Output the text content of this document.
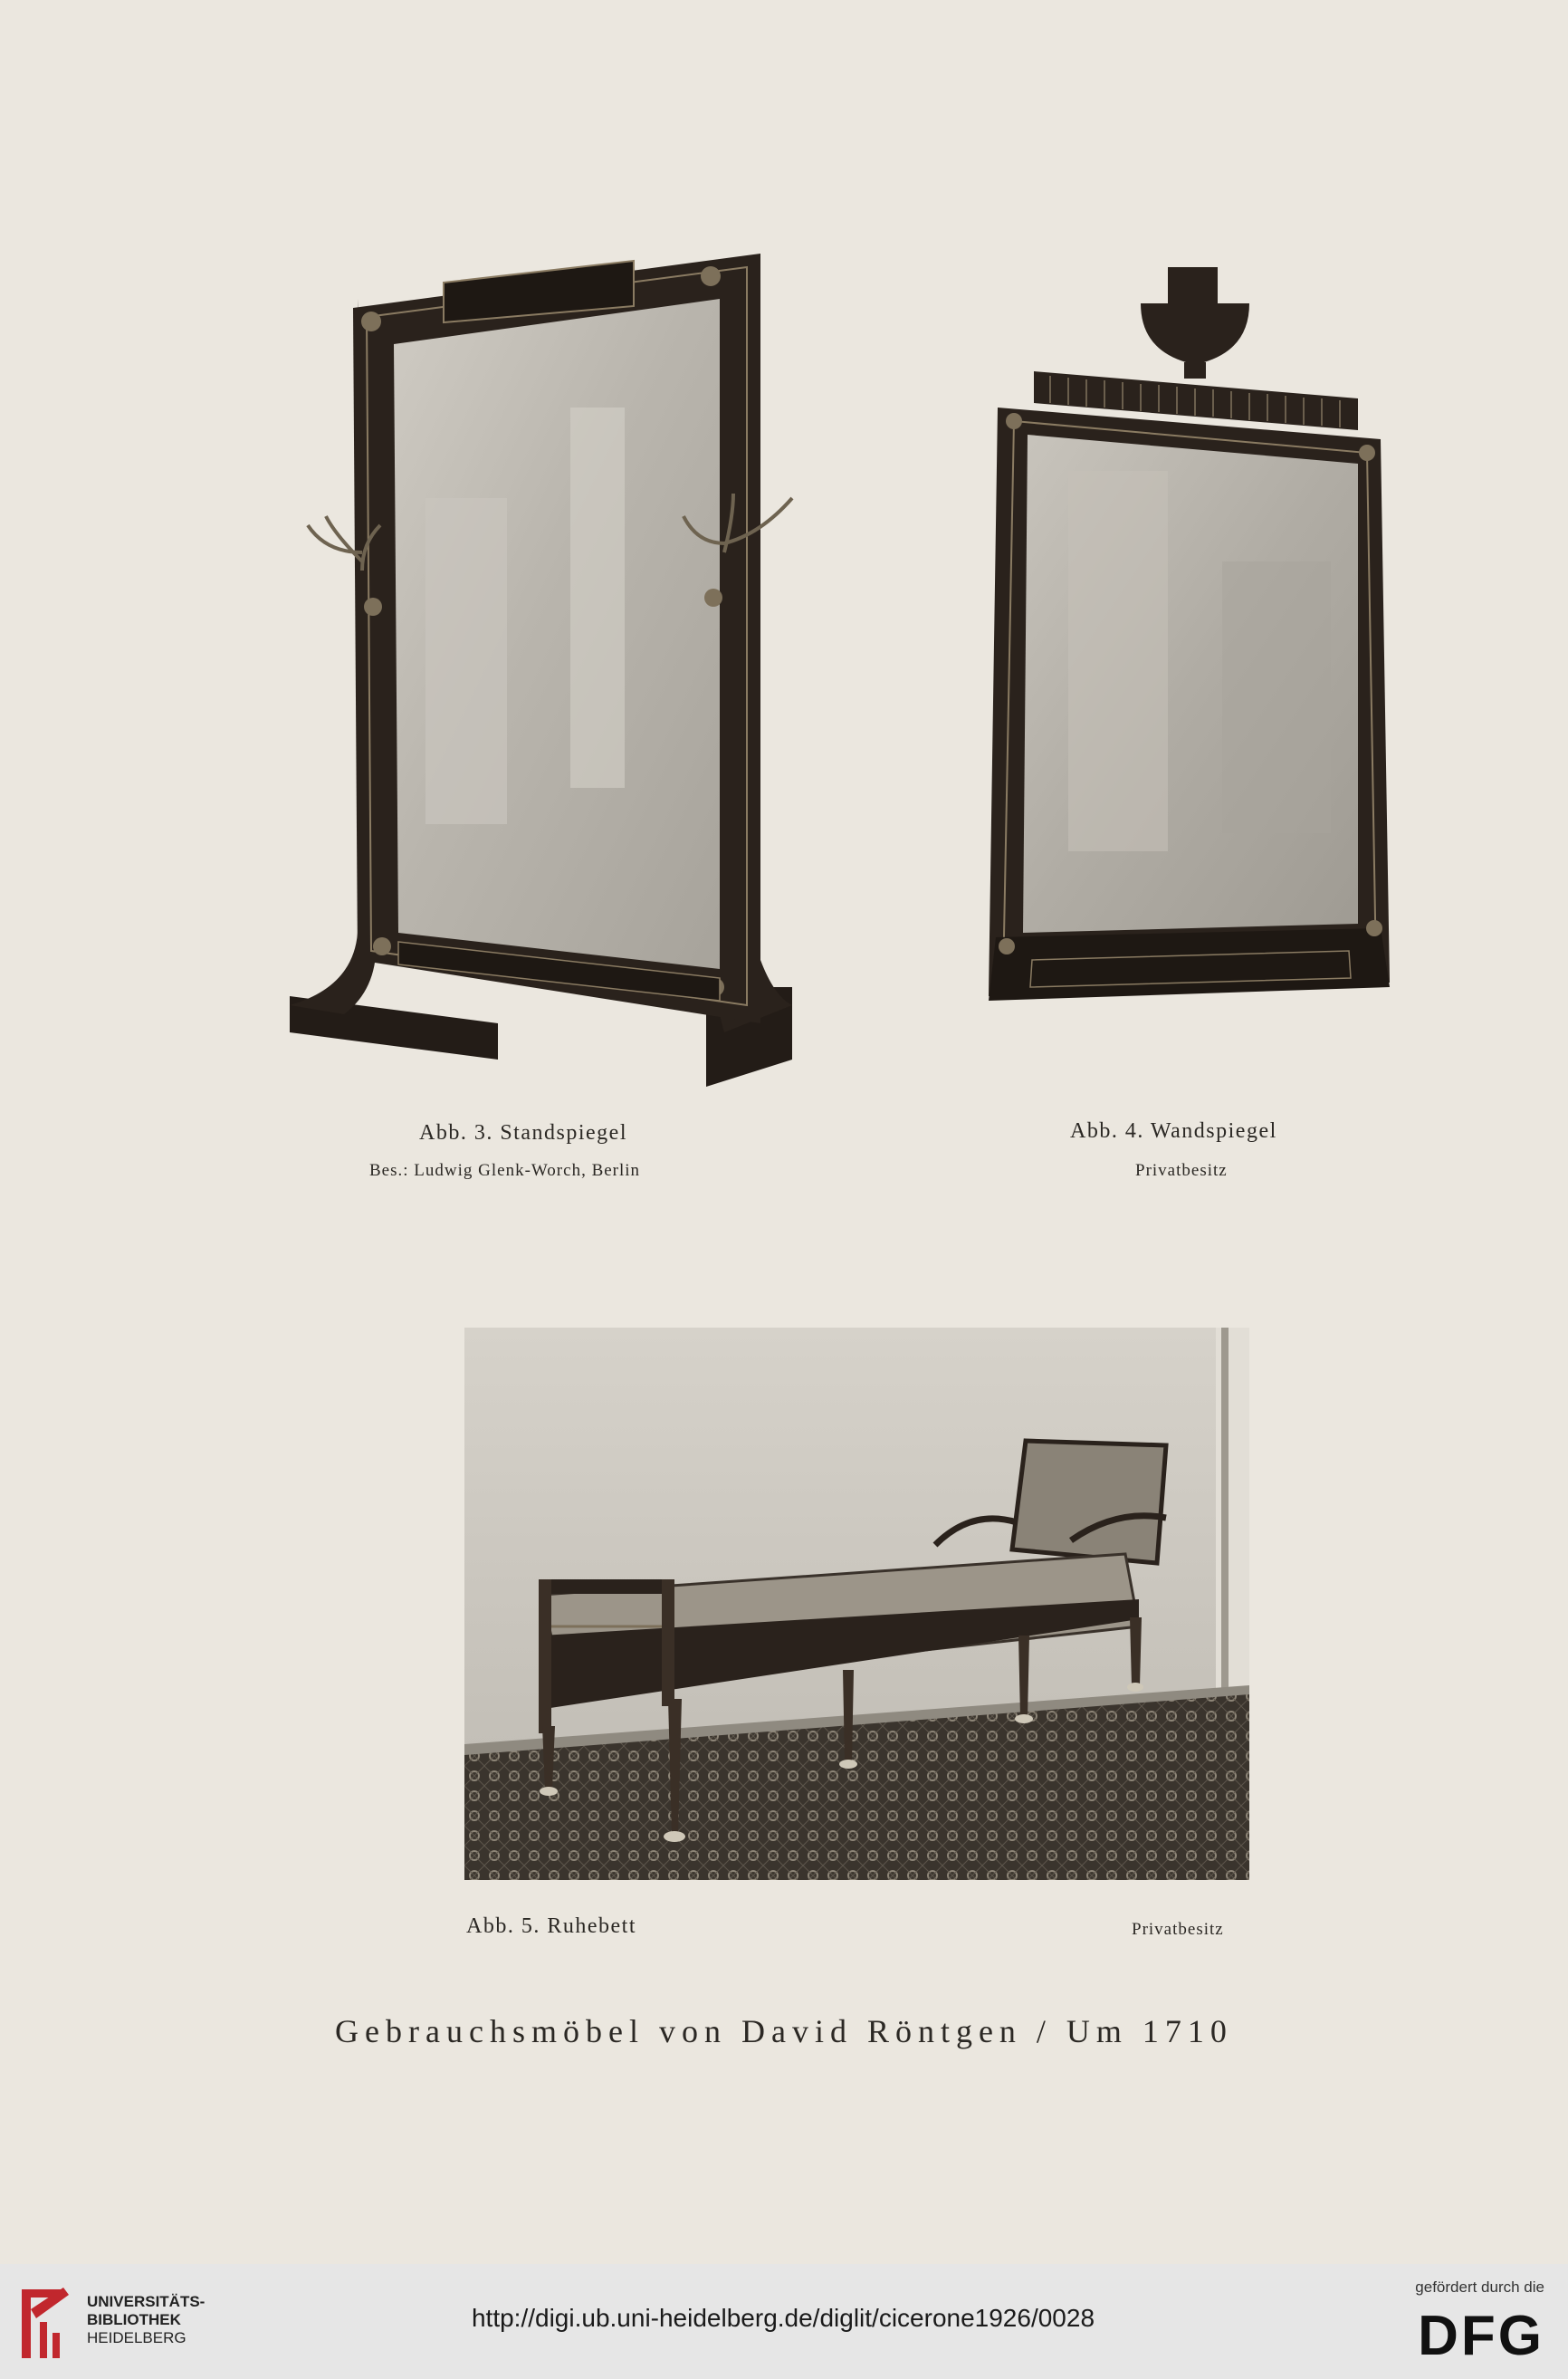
Abb. 3. Standspiegel
Bes.: Ludwig Glenk-Worch, Berlin
Abb. 4. Wandspiegel
Privatbesitz
Abb. 5. Ruhebett	Privatbesitz
Gebrauchsmöbel von David Röntgen / Um 1710
UNIVERSITÄTS-
BIBLIOTHEK
HEIDELBERG
http://digi.ub.uni-heidelberg.de/diglit/cicerone1926/0028
gefördert durch die
DFG
